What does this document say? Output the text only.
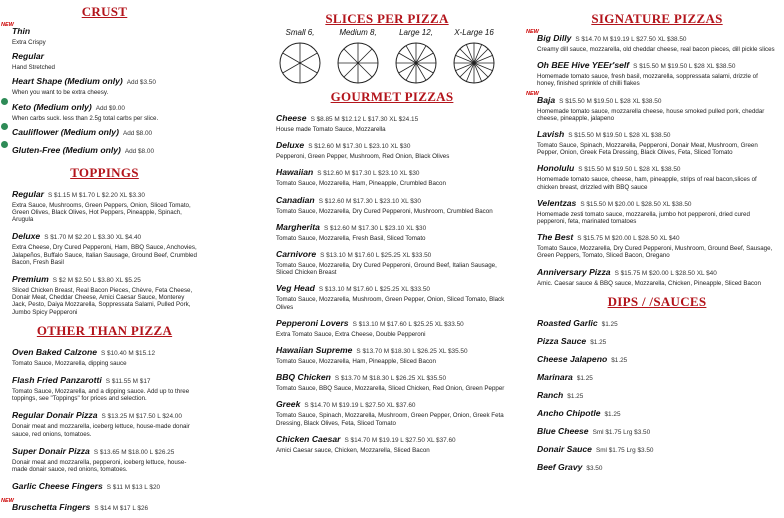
CRUST
NEW
Thin
Extra Crispy
Regular
Hand Stretched
Heart Shape (Medium only) Add $3.50
When you want to be extra cheesy.
Keto (Medium only) Add $9.00
When carbs suck. less than 2.5g total carbs per slice.
Cauliflower (Medium only) Add $8.00
Gluten-Free (Medium only) Add $8.00
TOPPINGS
Regular S $1.15 M $1.70 L $2.20 XL $3.30
Extra Sauce, Mushrooms, Green Peppers, Onion, Sliced Tomato, Green Olives, Black Olives, Hot Peppers, Pineapple, Spinach, Arugula
Deluxe S $1.70 M $2.20 L $3.30 XL $4.40
Extra Cheese, Dry Cured Pepperoni, Ham, BBQ Sauce, Anchovies, Jalapeños, Buffalo Sauce, Italian Sausage, Ground Beef, Crumbled Bacon, Fresh Basil
Premium S $2 M $2.50 L $3.80 XL $5.25
Sliced Chicken Breast, Real Bacon Pieces, Chèvre, Feta Cheese, Donair Meat, Cheddar Cheese, Amici Caesar Sauce, Monterey Jack, Pesto, Daiya Mozzarella, Soppressata Salami, Pulled Pork, Jumbo Spicy Pepperoni
OTHER THAN PIZZA
Oven Baked Calzone S $10.40 M $15.12
Tomato Sauce, Mozzarella, dipping sauce
Flash Fried Panzarotti S $11.55 M $17
Tomato Sauce, Mozzarella, and a dipping sauce. Add up to three toppings, see "Toppings" for prices and selection.
Regular Donair Pizza S $13.25 M $17.50 L $24.00
Donair meat and mozzarella, iceberg lettuce, house-made donair sauce, red onions, tomatoes.
Super Donair Pizza S $13.65 M $18.00 L $26.25
Donair meat and mozzarella, pepperoni, iceberg lettuce, house-made donair sauce, red onions, tomatoes.
Garlic Cheese Fingers S $11 M $13 L $20
NEW
Bruschetta Fingers S $14 M $17 L $26
SLICES PER PIZZA
Small 6,	Medium 8,	Large 12,	X-Large 16
GOURMET PIZZAS
Cheese S $8.85 M $12.12 L $17.30 XL $24.15
House made Tomato Sauce, Mozzarella
Deluxe S $12.60 M $17.30 L $23.10 XL $30
Pepperoni, Green Pepper, Mushroom, Red Onion, Black Olives
Hawaiian S $12.60 M $17.30 L $23.10 XL $30
Tomato Sauce, Mozzarella, Ham, Pineapple, Crumbled Bacon
Canadian S $12.60 M $17.30 L $23.10 XL $30
Tomato Sauce, Mozzarella, Dry Cured Pepperoni, Mushroom, Crumbled Bacon
Margherita S $12.60 M $17.30 L $23.10 XL $30
Tomato Sauce, Mozzarella, Fresh Basil, Sliced Tomato
Carnivore S $13.10 M $17.60 L $25.25 XL $33.50
Tomato Sauce, Mozzarella, Dry Cured Pepperoni, Ground Beef, Italian Sausage, Sliced Chicken Breast
Veg Head S $13.10 M $17.60 L $25.25 XL $33.50
Tomato Sauce, Mozzarella, Mushroom, Green Pepper, Onion, Sliced Tomato, Black Olives
Pepperoni Lovers S $13.10 M $17.60 L $25.25 XL $33.50
Extra Tomato Sauce, Extra Cheese, Double Pepperoni
Hawaiian Supreme S $13.70 M $18.30 L $26.25 XL $35.50
Tomato Sauce, Mozzarella, Ham, Pineapple, Sliced Bacon
BBQ Chicken S $13.70 M $18.30 L $26.25 XL $35.50
Tomato Sauce, BBQ Sauce, Mozzarella, Sliced Chicken, Red Onion, Green Pepper
Greek S $14.70 M $19.19 L $27.50 XL $37.60
Tomato Sauce, Spinach, Mozzarella, Mushroom, Green Pepper, Onion, Greek Feta Dressing, Black Olives, Feta, Sliced Tomato
Chicken Caesar S $14.70 M $19.19 L $27.50 XL $37.60
Amici Caesar sauce, Chicken, Mozzarella, Sliced Bacon
SIGNATURE PIZZAS
NEW
Big Dilly S $14.70 M $19.19 L $27.50 XL $38.50
Creamy dill sauce, mozzarella, old cheddar cheese, real bacon pieces, dill pickle slices
Oh BEE Hive YEEr'self S $15.50 M $19.50 L $28 XL $38.50
Homemade tomato sauce, fresh basil, mozzarella, soppressata salami, drizzle of honey, finished sprinkle of chilli flakes
NEW
Baja S $15.50 M $19.50 L $28 XL $38.50
Homemade tomato sauce, mozzarella cheese, house smoked pulled pork, cheddar cheese, pineapple, jalapeno
Lavish S $15.50 M $19.50 L $28 XL $38.50
Tomato Sauce, Spinach, Mozzarella, Pepperoni, Donair Meat, Mushroom, Green Pepper, Onion, Greek Feta Dressing, Black Olives, Feta, Sliced Tomato
Honolulu S $15.50 M $19.50 L $28 XL $38.50
Homemade tomato sauce, cheese, ham, pineapple, strips of real bacon,slices of chicken breast, drizzled with BBQ sauce
Velentzas S $15.50 M $20.00 L $28.50 XL $38.50
Homemade zesti tomato sauce, mozzarella, jumbo hot pepperoni, dried cured pepperoni, feta, marinated tomatoes
The Best S $15.75 M $20.00 L $28.50 XL $40
Tomato Sauce, Mozzarella, Dry Cured Pepperoni, Mushroom, Ground Beef, Sausage, Green Peppers, Tomato, Sliced Bacon, Oregano
Anniversary Pizza S $15.75 M $20.00 L $28.50 XL $40
Amic. Caesar sauce & BBQ sauce, Mozzarella, Chicken, Pineapple, Sliced Bacon
DIPS / /SAUCES
Roasted Garlic $1.25
Pizza Sauce $1.25
Cheese Jalapeno $1.25
Marinara $1.25
Ranch $1.25
Ancho Chipotle $1.25
Blue Cheese Sml $1.75 Lrg $3.50
Donair Sauce Sml $1.75 Lrg $3.50
Beef Gravy $3.50
